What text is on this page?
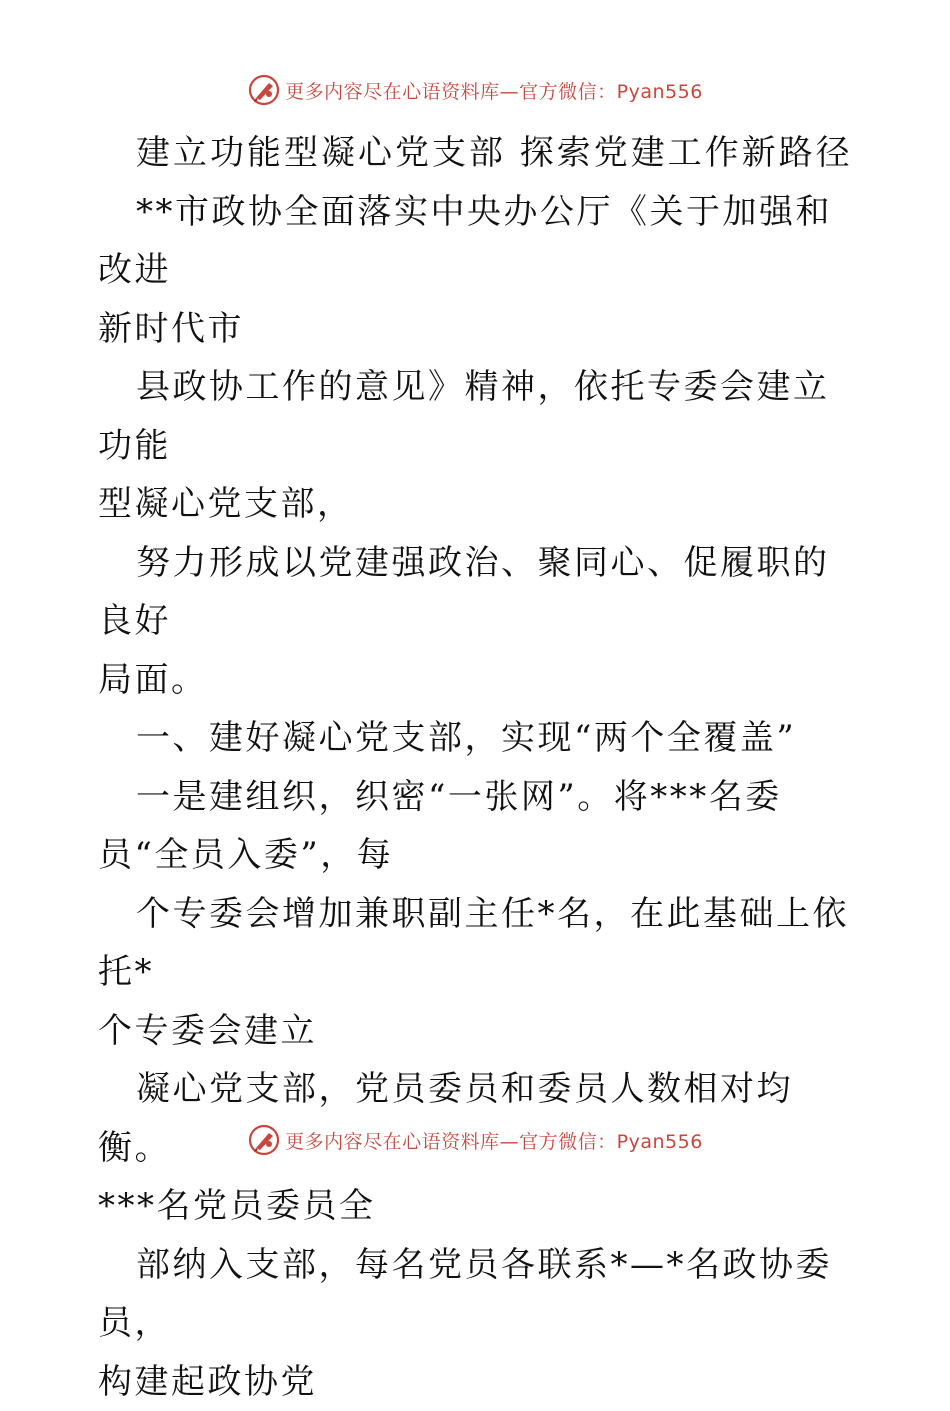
更多内容尽在心语资料库—官方微信：Pyan556

建立功能型凝心党支部 探索党建工作新路径

**市政协全面落实中央办公厅《关于加强和改进

新时代市

县政协工作的意见》精神，依托专委会建立功能

型凝心党支部，

努力形成以党建强政治、聚同心、促履职的良好

局面。

一、建好凝心党支部，实现“两个全覆盖”

一是建组织，织密“一张网”。将***名委

员“全员入委”，每

个专委会增加兼职副主任*名，在此基础上依托*

个专委会建立

凝心党支部，党员委员和委员人数相对均衡。

***名党员委员全

部纳入支部，每名党员各联系*—*名政协委员，

构建起政协党

更多内容尽在心语资料库—官方微信：Pyan556
